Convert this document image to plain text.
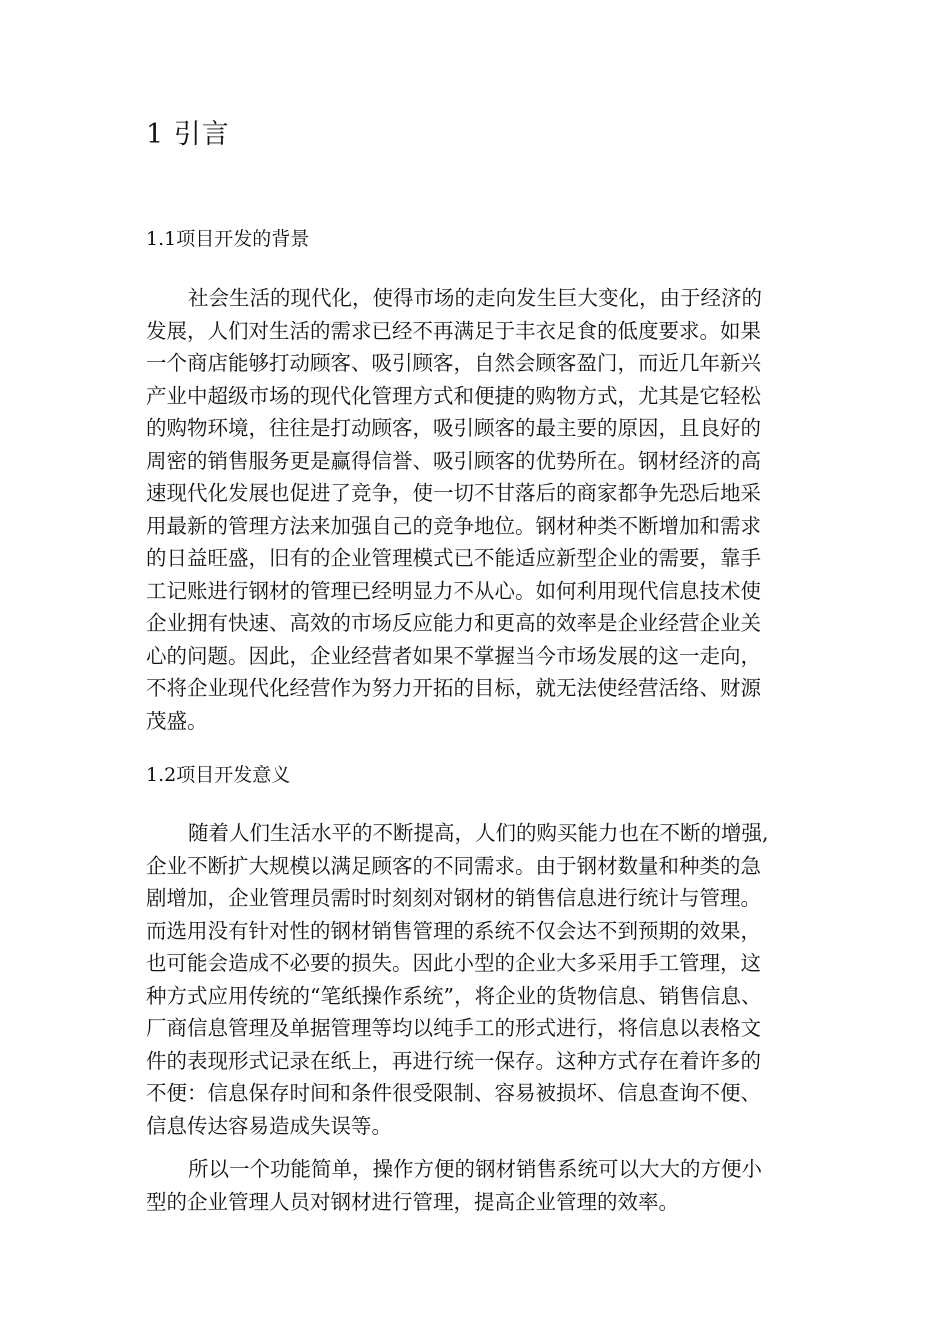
1 引言
1.1项目开发的背景
社会生活的现代化，使得市场的走向发生巨大变化，由于经济的
发展，人们对生活的需求已经不再满足于丰衣足食的低度要求。如果
一个商店能够打动顾客、吸引顾客，自然会顾客盈门，而近几年新兴
产业中超级市场的现代化管理方式和便捷的购物方式，尤其是它轻松
的购物环境，往往是打动顾客，吸引顾客的最主要的原因，且良好的
周密的销售服务更是赢得信誉、吸引顾客的优势所在。钢材经济的高
速现代化发展也促进了竞争，使一切不甘落后的商家都争先恐后地采
用最新的管理方法来加强自己的竞争地位。钢材种类不断增加和需求
的日益旺盛，旧有的企业管理模式已不能适应新型企业的需要，靠手
工记账进行钢材的管理已经明显力不从心。如何利用现代信息技术使
企业拥有快速、高效的市场反应能力和更高的效率是企业经营企业关
心的问题。因此，企业经营者如果不掌握当今市场发展的这一走向，
不将企业现代化经营作为努力开拓的目标，就无法使经营活络、财源
茂盛。
1.2项目开发意义
随着人们生活水平的不断提高，人们的购买能力也在不断的增强,
企业不断扩大规模以满足顾客的不同需求。由于钢材数量和种类的急
剧增加，企业管理员需时时刻刻对钢材的销售信息进行统计与管理。
而选用没有针对性的钢材销售管理的系统不仅会达不到预期的效果，
也可能会造成不必要的损失。因此小型的企业大多采用手工管理，这
种方式应用传统的“笔纸操作系统”，将企业的货物信息、销售信息、
厂商信息管理及单据管理等均以纯手工的形式进行，将信息以表格文
件的表现形式记录在纸上，再进行统一保存。这种方式存在着许多的
不便：信息保存时间和条件很受限制、容易被损坏、信息查询不便、
信息传达容易造成失误等。
所以一个功能简单，操作方便的钢材销售系统可以大大的方便小
型的企业管理人员对钢材进行管理，提高企业管理的效率。
